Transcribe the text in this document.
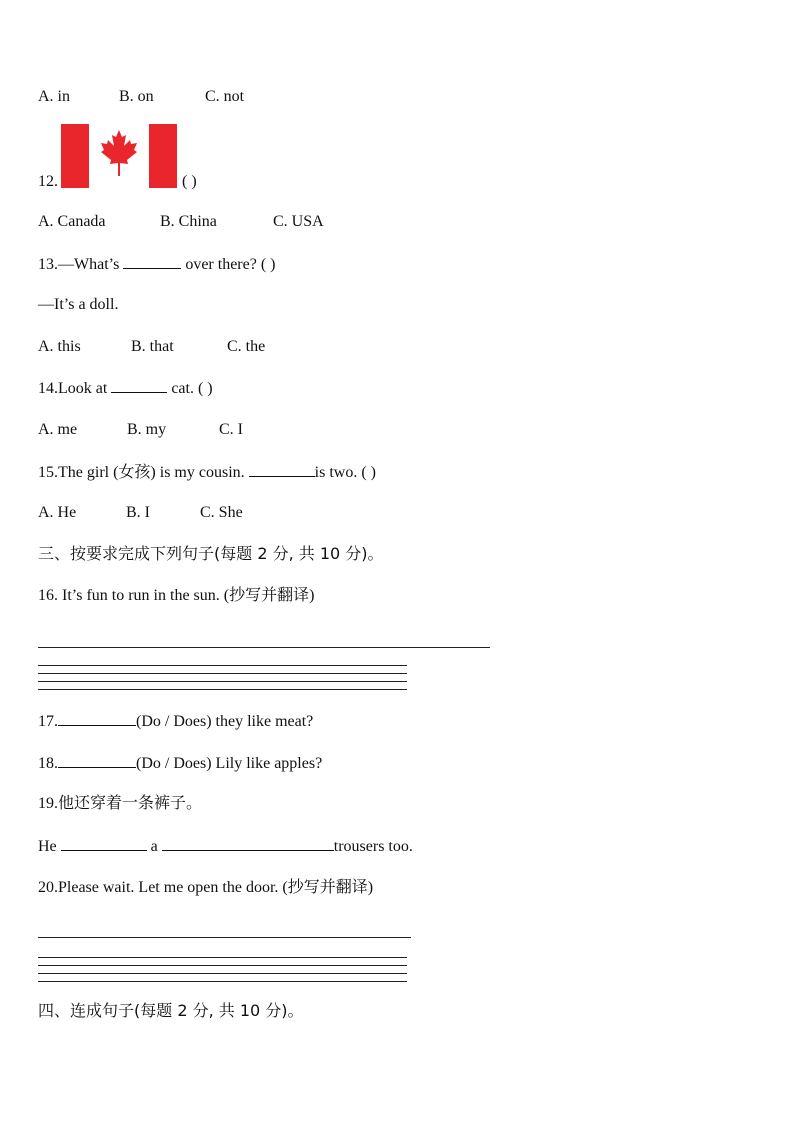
A. in	B. on	C. not
12.	( )
A. Canada	B. China	C. USA
13.—What’s	over there? ( )
—It’s a doll.
A. this	B. that	C. the
14.Look at	cat. ( )
A. me	B. my	C. I
15.The girl (女孩) is my cousin.	is two. ( )
A. He	B. I	C. She
三、按要求完成下列句子(每题 2 分, 共 10 分)。
16. It’s fun to run in the sun. (抄写并翻译)
17.	(Do / Does) they like meat?
18.	(Do / Does) Lily like apples?
19.他还穿着一条裤子。
He	a	trousers too.
20.Please wait. Let me open the door. (抄写并翻译)
四、连成句子(每题 2 分, 共 10 分)。
